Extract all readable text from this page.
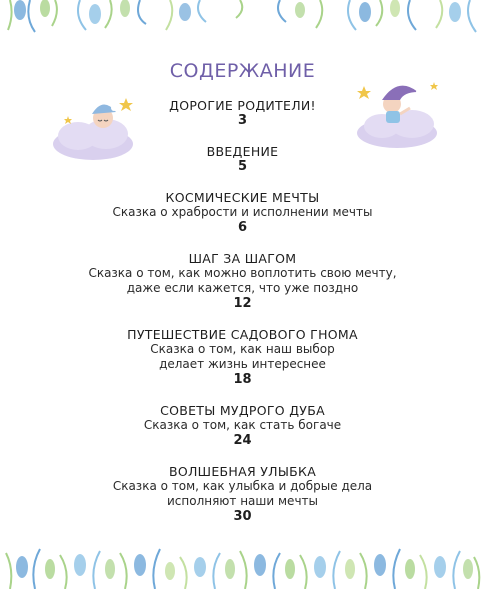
СОДЕРЖАНИЕ
ДОРОГИЕ РОДИТЕЛИ!
3
ВВЕДЕНИЕ
5
КОСМИЧЕСКИЕ МЕЧТЫ
Сказка о храбрости и исполнении мечты
6
ШАГ ЗА ШАГОМ
Сказка о том, как можно воплотить свою мечту,
даже если кажется, что уже поздно
12
ПУТЕШЕСТВИЕ САДОВОГО ГНОМА
Сказка о том, как наш выбор
делает жизнь интереснее
18
СОВЕТЫ МУДРОГО ДУБА
Сказка о том, как стать богаче
24
ВОЛШЕБНАЯ УЛЫБКА
Сказка о том, как улыбка и добрые дела
исполняют наши мечты
30
